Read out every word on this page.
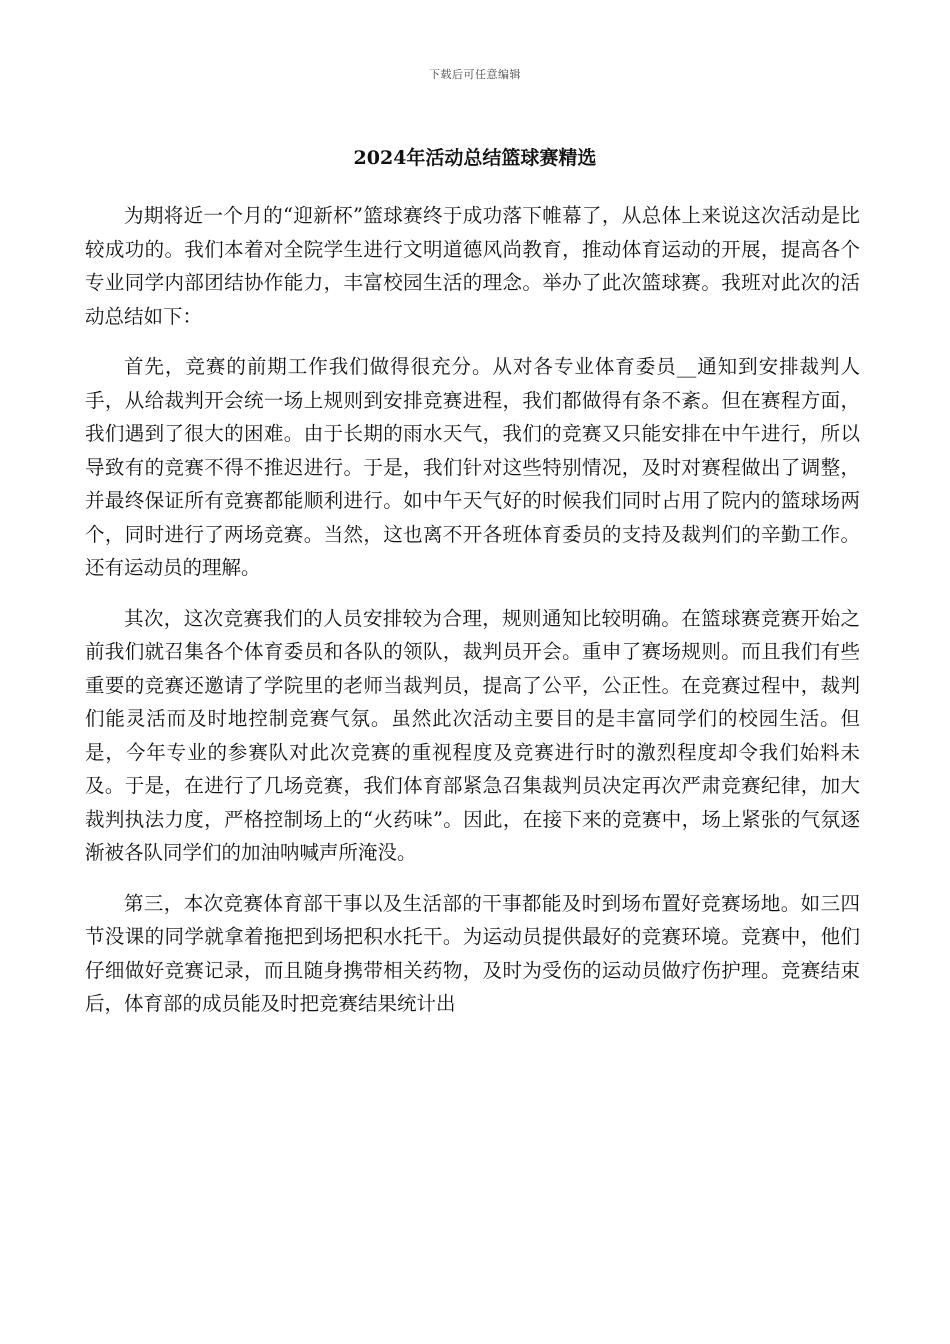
下载后可任意编辑
2024年活动总结篮球赛精选

为期将近一个月的“迎新杯”篮球赛终于成功落下帷幕了，从总体上来说这次活动是比较成功的。我们本着对全院学生进行文明道德风尚教育，推动体育运动的开展，提高各个专业同学内部团结协作能力，丰富校园生活的理念。举办了此次篮球赛。我班对此次的活动总结如下：

首先，竞赛的前期工作我们做得很充分。从对各专业体育委员__通知到安排裁判人手，从给裁判开会统一场上规则到安排竞赛进程，我们都做得有条不紊。但在赛程方面，我们遇到了很大的困难。由于长期的雨水天气，我们的竞赛又只能安排在中午进行，所以导致有的竞赛不得不推迟进行。于是，我们针对这些特别情况，及时对赛程做出了调整，并最终保证所有竞赛都能顺利进行。如中午天气好的时候我们同时占用了院内的篮球场两个，同时进行了两场竞赛。当然，这也离不开各班体育委员的支持及裁判们的辛勤工作。还有运动员的理解。

其次，这次竞赛我们的人员安排较为合理，规则通知比较明确。在篮球赛竞赛开始之前我们就召集各个体育委员和各队的领队，裁判员开会。重申了赛场规则。而且我们有些重要的竞赛还邀请了学院里的老师当裁判员，提高了公平，公正性。在竞赛过程中，裁判们能灵活而及时地控制竞赛气氛。虽然此次活动主要目的是丰富同学们的校园生活。但是，今年专业的参赛队对此次竞赛的重视程度及竞赛进行时的激烈程度却令我们始料未及。于是，在进行了几场竞赛，我们体育部紧急召集裁判员决定再次严肃竞赛纪律，加大裁判执法力度，严格控制场上的“火药味”。因此，在接下来的竞赛中，场上紧张的气氛逐渐被各队同学们的加油呐喊声所淹没。

第三，本次竞赛体育部干事以及生活部的干事都能及时到场布置好竞赛场地。如三四节没课的同学就拿着拖把到场把积水托干。为运动员提供最好的竞赛环境。竞赛中，他们仔细做好竞赛记录，而且随身携带相关药物，及时为受伤的运动员做疗伤护理。竞赛结束后，体育部的成员能及时把竞赛结果统计出
